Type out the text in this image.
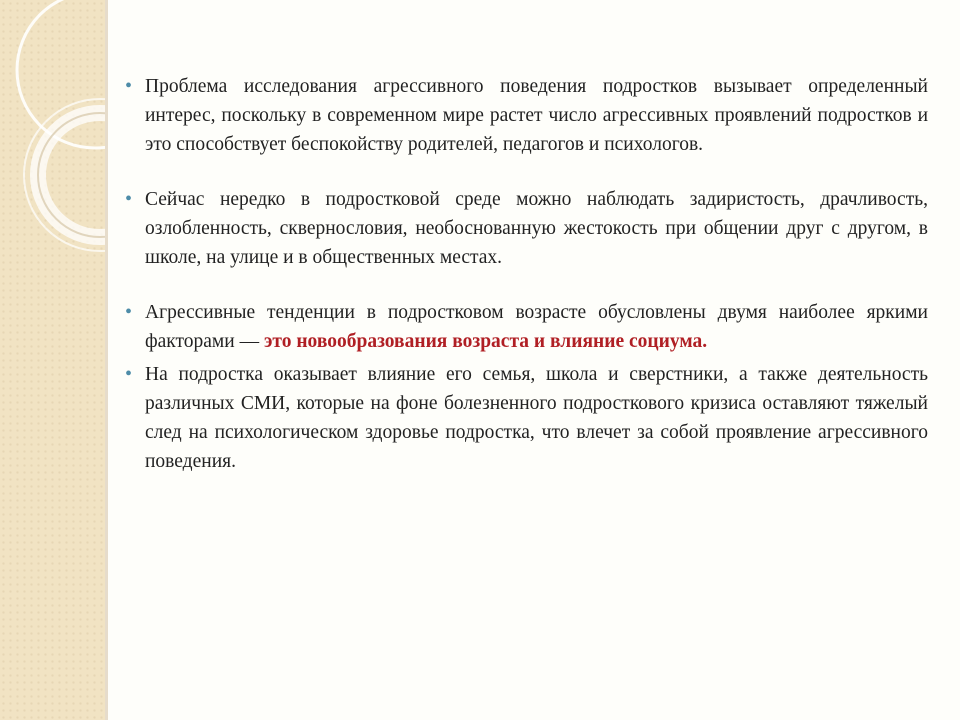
• Проблема исследования агрессивного поведения подростков вызывает определенный интерес, поскольку в современном мире растет число агрессивных проявлений подростков и это способствует беспокойству родителей, педагогов и психологов.
• Сейчас нередко в подростковой среде можно наблюдать задиристость, драчливость, озлобленность, сквернословия, необоснованную жестокость при общении друг с другом, в школе, на улице и в общественных местах.
• Агрессивные тенденции в подростковом возрасте обусловлены двумя наиболее яркими факторами — это новообразования возраста и влияние социума.
• На подростка оказывает влияние его семья, школа и сверстники, а также деятельность различных СМИ, которые на фоне болезненного подросткового кризиса оставляют тяжелый след на психологическом здоровье подростка, что влечет за собой проявление агрессивного поведения.
